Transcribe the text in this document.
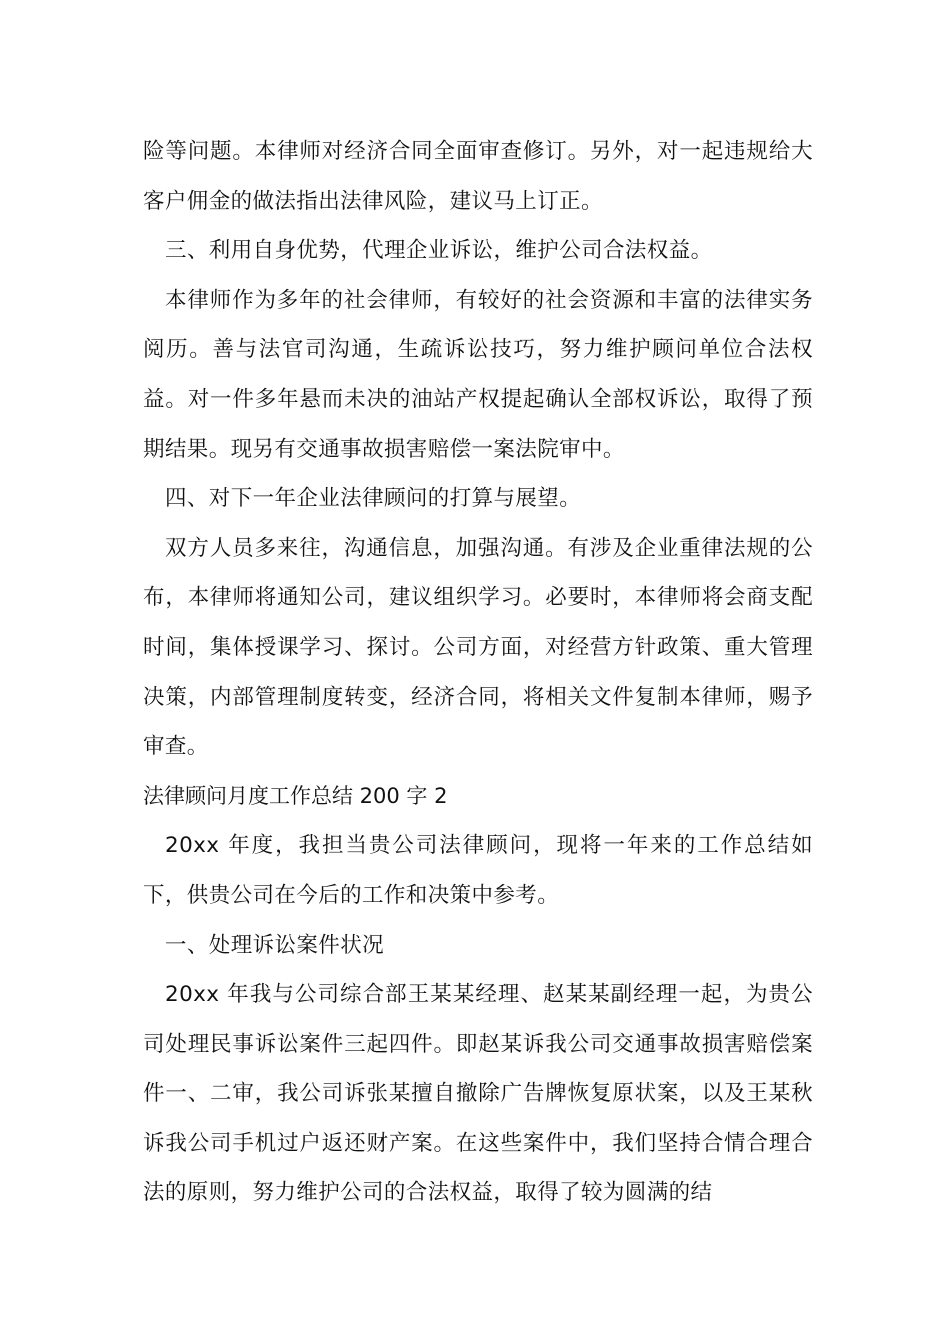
险等问题。本律师对经济合同全面审查修订。另外，对一起违规给大客户佣金的做法指出法律风险，建议马上订正。

三、利用自身优势，代理企业诉讼，维护公司合法权益。

本律师作为多年的社会律师，有较好的社会资源和丰富的法律实务阅历。善与法官司沟通，生疏诉讼技巧，努力维护顾问单位合法权益。对一件多年悬而未决的油站产权提起确认全部权诉讼，取得了预期结果。现另有交通事故损害赔偿一案法院审中。

四、对下一年企业法律顾问的打算与展望。

双方人员多来往，沟通信息，加强沟通。有涉及企业重律法规的公布，本律师将通知公司，建议组织学习。必要时，本律师将会商支配时间，集体授课学习、探讨。公司方面，对经营方针政策、重大管理决策，内部管理制度转变，经济合同，将相关文件复制本律师，赐予审查。

法律顾问月度工作总结 200 字 2

20xx 年度，我担当贵公司法律顾问，现将一年来的工作总结如下，供贵公司在今后的工作和决策中参考。

一、处理诉讼案件状况

20xx 年我与公司综合部王某某经理、赵某某副经理一起，为贵公司处理民事诉讼案件三起四件。即赵某诉我公司交通事故损害赔偿案件一、二审，我公司诉张某擅自撤除广告牌恢复原状案，以及王某秋诉我公司手机过户返还财产案。在这些案件中，我们坚持合情合理合法的原则，努力维护公司的合法权益，取得了较为圆满的结
